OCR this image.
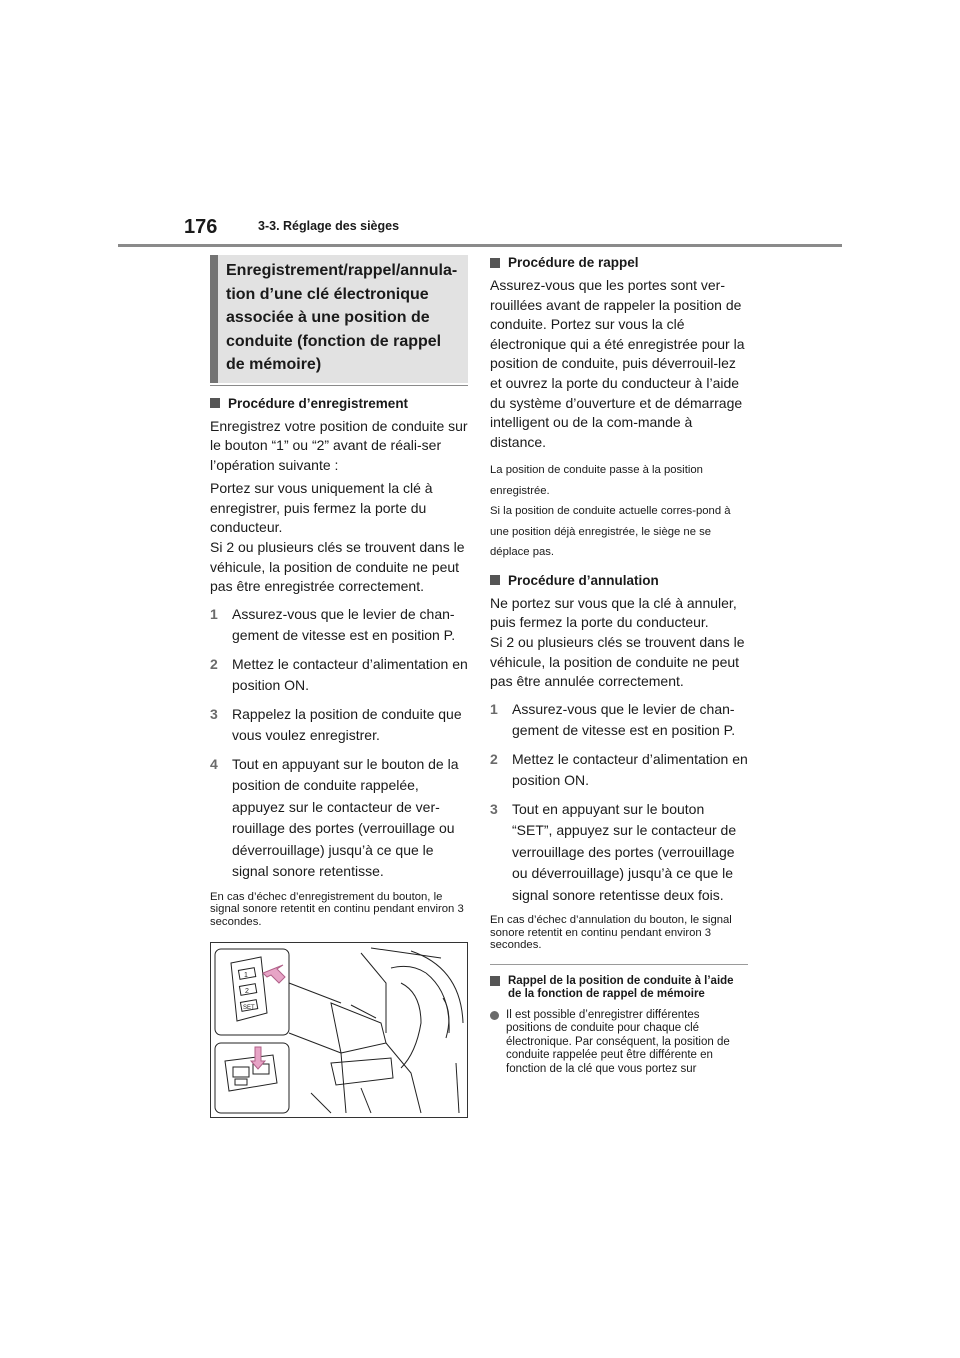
176	3-3. Réglage des sièges
Enregistrement/rappel/annula-tion d’une clé électronique associée à une position de conduite (fonction de rappel de mémoire)
Procédure d’enregistrement

Enregistrez votre position de conduite sur le bouton “1” ou “2” avant de réali-ser l’opération suivante :

Portez sur vous uniquement la clé à enregistrer, puis fermez la porte du conducteur.

Si 2 ou plusieurs clés se trouvent dans le véhicule, la position de conduite ne peut pas être enregistrée correctement.

1	Assurez-vous que le levier de chan-gement de vitesse est en position P.
2	Mettez le contacteur d’alimentation en position ON.
3	Rappelez la position de conduite que vous voulez enregistrer.
4	Tout en appuyant sur le bouton de la position de conduite rappelée, appuyez sur le contacteur de ver-rouillage des portes (verrouillage ou déverrouillage) jusqu’à ce que le signal sonore retentisse.

En cas d’échec d’enregistrement du bouton, le signal sonore retentit en continu pendant environ 3 secondes.

1
2
SET
Procédure de rappel

Assurez-vous que les portes sont ver-rouillées avant de rappeler la position de conduite. Portez sur vous la clé électronique qui a été enregistrée pour la position de conduite, puis déverrouil-lez et ouvrez la porte du conducteur à l’aide du système d’ouverture et de démarrage intelligent ou de la com-mande à distance.

La position de conduite passe à la position enregistrée.

Si la position de conduite actuelle corres-pond à une position déjà enregistrée, le siège ne se déplace pas.

Procédure d’annulation

Ne portez sur vous que la clé à annuler, puis fermez la porte du conducteur.

Si 2 ou plusieurs clés se trouvent dans le véhicule, la position de conduite ne peut pas être annulée correctement.

1	Assurez-vous que le levier de chan-gement de vitesse est en position P.
2	Mettez le contacteur d’alimentation en position ON.
3	Tout en appuyant sur le bouton “SET”, appuyez sur le contacteur de verrouillage des portes (verrouillage ou déverrouillage) jusqu’à ce que le signal sonore retentisse deux fois.

En cas d’échec d’annulation du bouton, le signal sonore retentit en continu pendant environ 3 secondes.

Rappel de la position de conduite à l’aide de la fonction de rappel de mémoire
Il est possible d’enregistrer différentes positions de conduite pour chaque clé électronique. Par conséquent, la position de conduite rappelée peut être différente en fonction de la clé que vous portez sur
